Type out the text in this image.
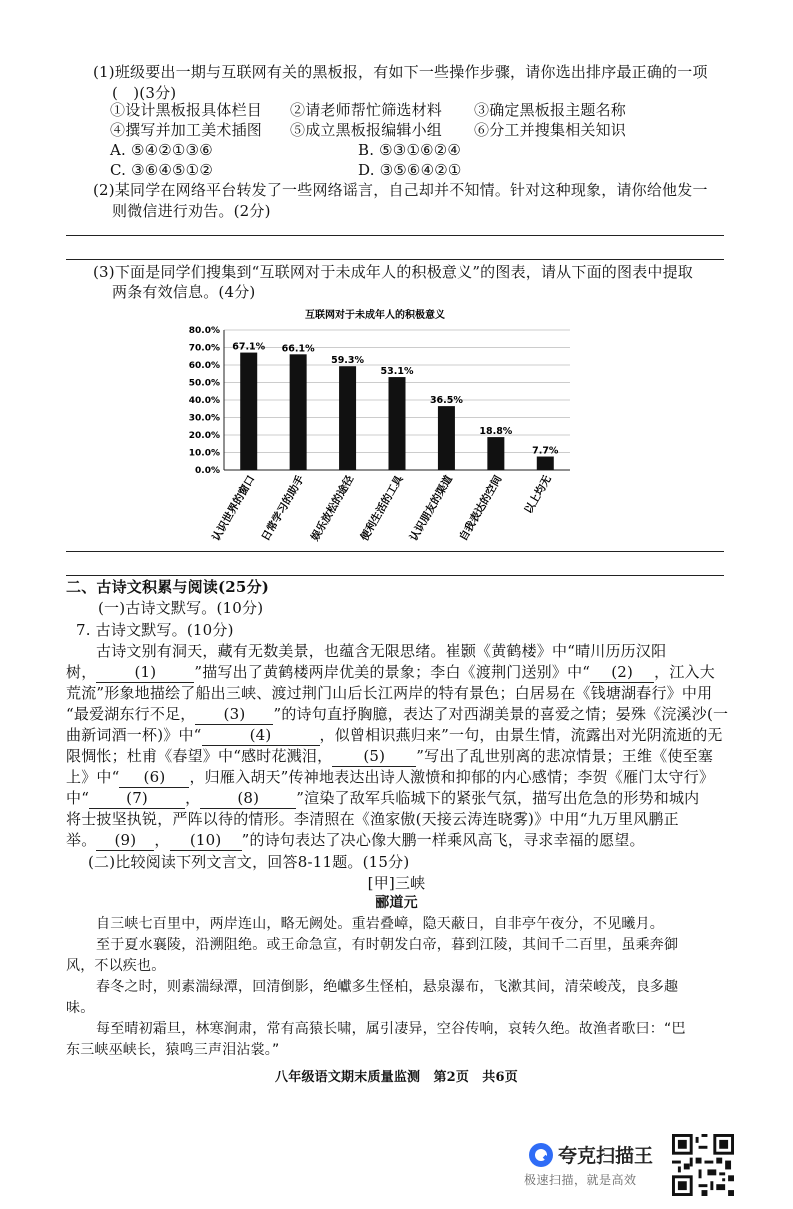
(1)班级要出一期与互联网有关的黑板报，有如下一些操作步骤，请你选出排序最正确的一项
(　)(3分)
①设计黑板报具体栏目	②请老师帮忙筛选材料	③确定黑板报主题名称
④撰写并加工美术插图	⑤成立黑板报编辑小组	⑥分工并搜集相关知识
A. ⑤④②①③⑥	B. ⑤③①⑥②④
C. ③⑥④⑤①②	D. ③⑤⑥④②①
(2)某同学在网络平台转发了一些网络谣言，自己却并不知情。针对这种现象，请你给他发一
则微信进行劝告。(2分)
(3)下面是同学们搜集到“互联网对于未成年人的积极意义”的图表，请从下面的图表中提取
两条有效信息。(4分)
互联网对于未成年人的积极意义
0.0%
10.0%
20.0%
30.0%
40.0%
50.0%
60.0%
70.0%
80.0%
67.1% 66.1%
59.3%
53.1%
36.5%
18.8%
7.7%
认识世界的窗口 日常学习的助手 娱乐放松的途径 便利生活的工具 认识朋友的渠道 自我表达的空间 以上均无
二、古诗文积累与阅读(25分)
(一)古诗文默写。(10分)
7. 古诗文默写。(10分)
古诗文别有洞天，藏有无数美景，也蕴含无限思绪。崔颢《黄鹤楼》中“晴川历历汉阳
树，	(1)	”描写出了黄鹤楼两岸优美的景象；李白《渡荆门送别》中“ (2) ，江入大
荒流”形象地描绘了船出三峡、渡过荆门山后长江两岸的特有景色；白居易在《钱塘湖春行》中用
“最爱湖东行不足， (3) ”的诗句直抒胸臆，表达了对西湖美景的喜爱之情；晏殊《浣溪沙(一
曲新词酒一杯)》中“	(4)	，似曾相识燕归来”一句，由景生情，流露出对光阴流逝的无
限惆怅；杜甫《春望》中“感时花溅泪， (5) ”写出了乱世别离的悲凉情景；王维《使至塞
上》中“ (6) ，归雁入胡天”传神地表达出诗人激愤和抑郁的内心感情；李贺《雁门太守行》
中“ (7) ， (8) ”渲染了敌军兵临城下的紧张气氛，描写出危急的形势和城内
将士披坚执锐，严阵以待的情形。李清照在《渔家傲(天接云涛连晓雾)》中用“九万里风鹏正
举。 (9) ， (10) ”的诗句表达了决心像大鹏一样乘风高飞，寻求幸福的愿望。
(二)比较阅读下列文言文，回答8-11题。(15分)
[甲]三峡
郦道元
自三峡七百里中，两岸连山，略无阙处。重岩叠嶂，隐天蔽日，自非亭午夜分，不见曦月。
至于夏水襄陵，沿溯阻绝。或王命急宣，有时朝发白帝，暮到江陵，其间千二百里，虽乘奔御
风，不以疾也。
春冬之时，则素湍绿潭，回清倒影，绝巘多生怪柏，悬泉瀑布，飞漱其间，清荣峻茂，良多趣
味。
每至晴初霜旦，林寒涧肃，常有高猿长啸，属引凄异，空谷传响，哀转久绝。故渔者歌曰：“巴
东三峡巫峡长，猿鸣三声泪沾裳。”
八年级语文期末质量监测　第2页　共6页
夸克扫描王
极速扫描，就是高效
